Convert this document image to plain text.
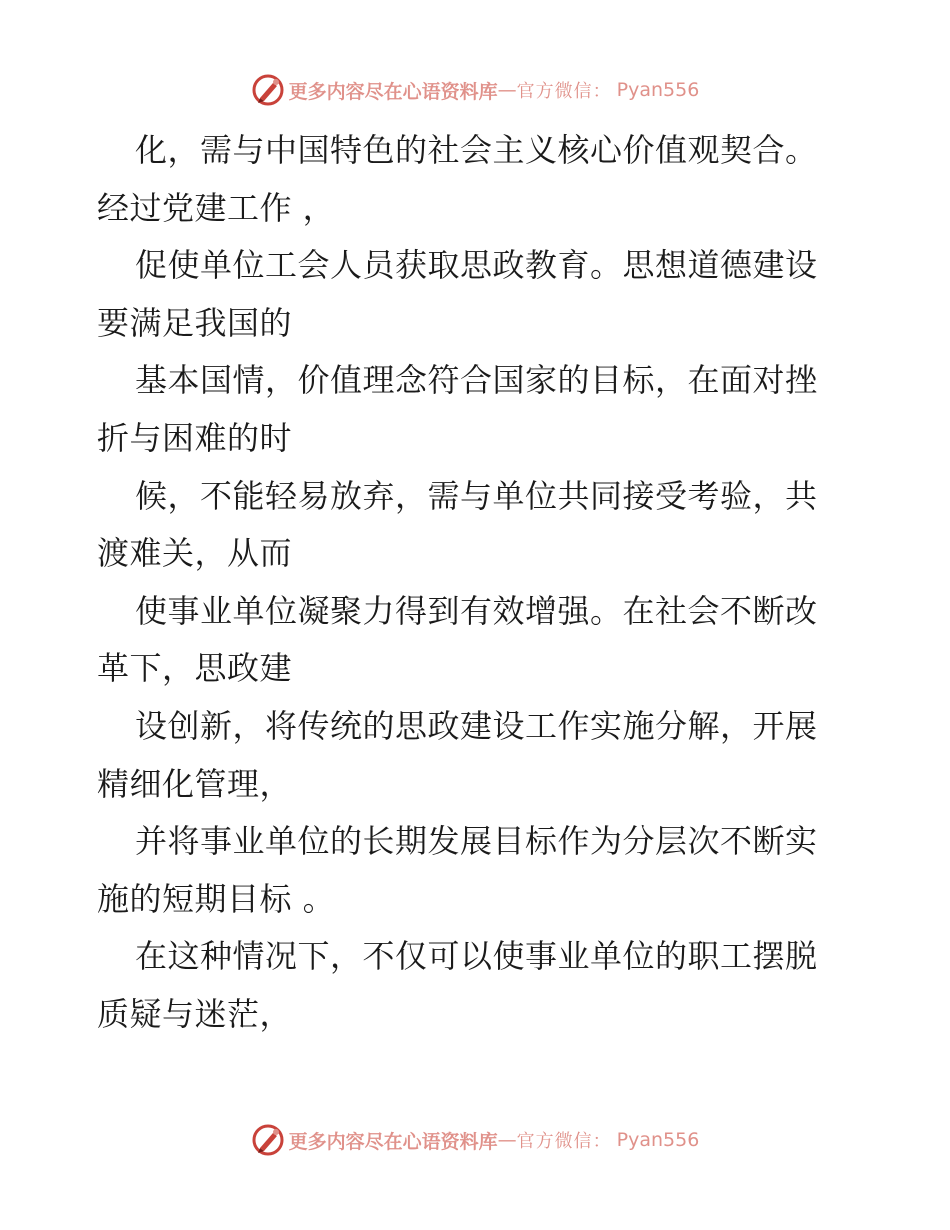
更多内容尽在心语资料库 — 官方微信 ： Pyan556
化，需与中国特色的社会主义核心价值观契合。
经过党建工作 ，
促使单位工会人员获取思政教育。思想道德建设
要满足我国的
基本国情，价值理念符合国家的目标，在面对挫
折与困难的时
候，不能轻易放弃，需与单位共同接受考验，共
渡难关，从而
使事业单位凝聚力得到有效增强。在社会不断改
革下，思政建
设创新，将传统的思政建设工作实施分解，开展
精细化管理，
并将事业单位的长期发展目标作为分层次不断实
施的短期目标 。
在这种情况下，不仅可以使事业单位的职工摆脱
质疑与迷茫，
更多内容尽在心语资料库 — 官方微信 ： Pyan556
